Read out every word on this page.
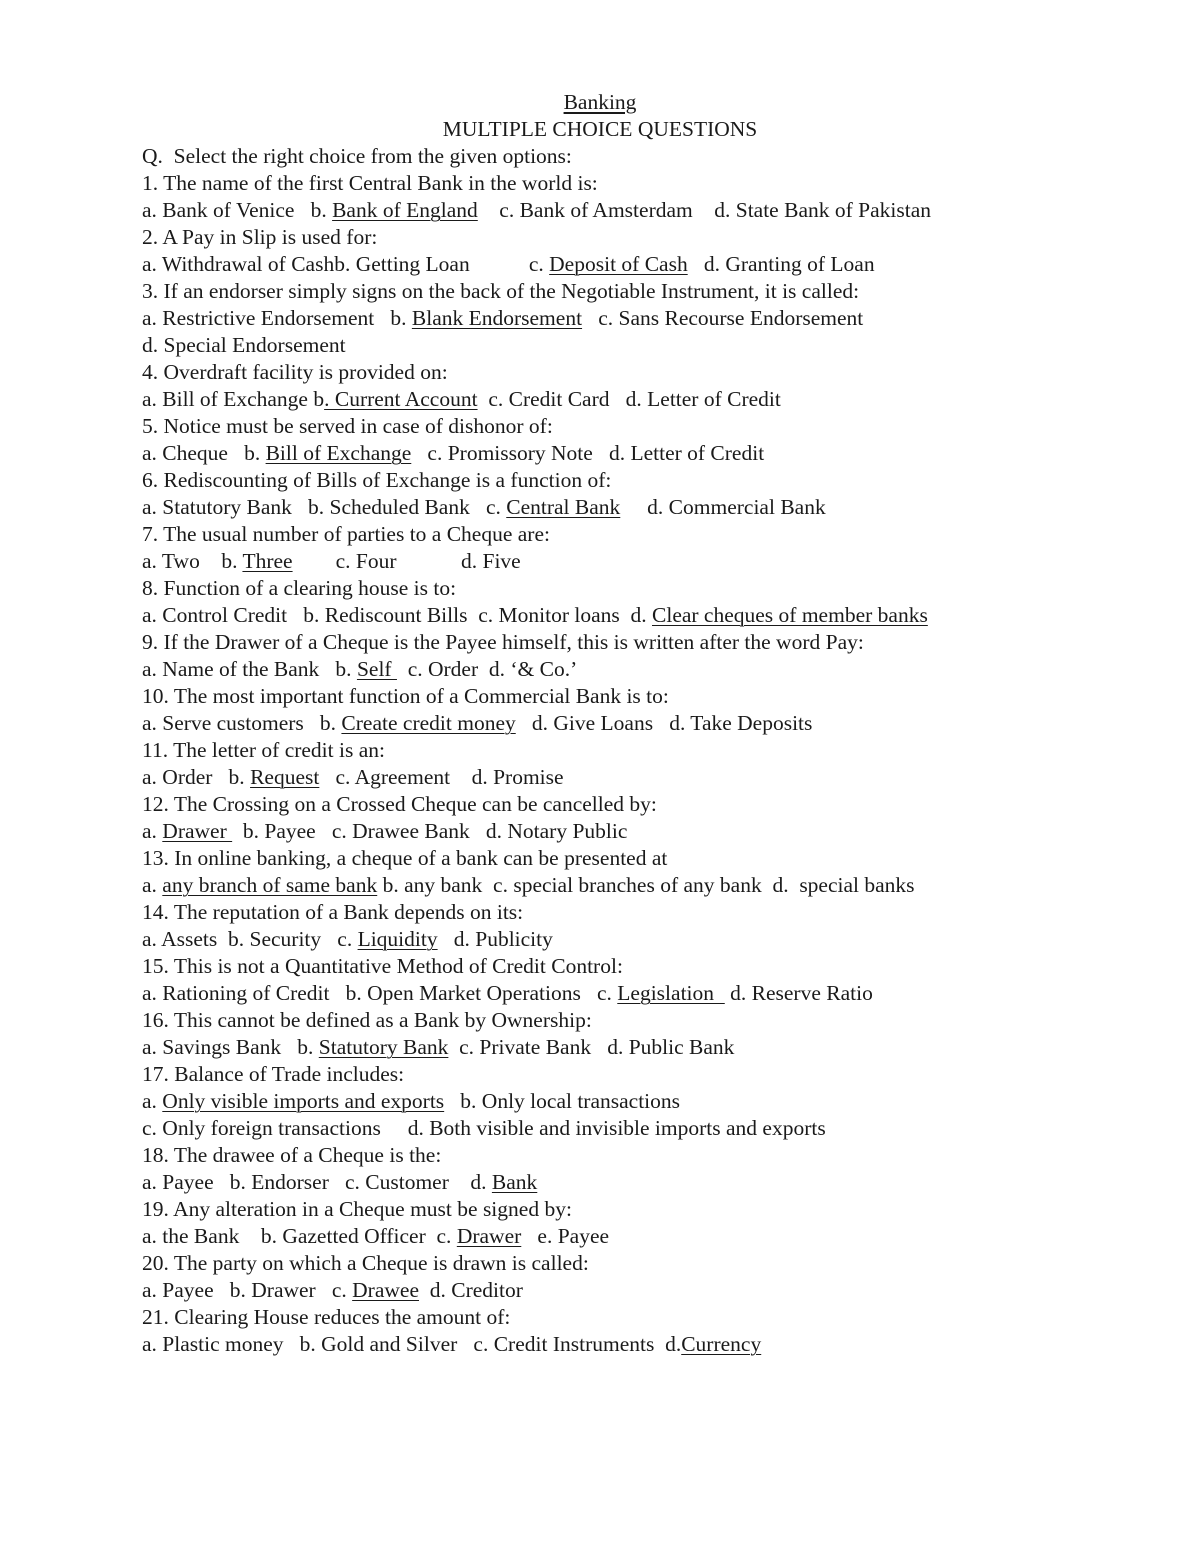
Banking
MULTIPLE CHOICE QUESTIONS
Q.  Select the right choice from the given options:
1. The name of the first Central Bank in the world is:
a. Bank of Venice   b. Bank of England    c. Bank of Amsterdam    d. State Bank of Pakistan
2. A Pay in Slip is used for:
a. Withdrawal of Cashb. Getting Loan           c. Deposit of Cash   d. Granting of Loan
3. If an endorser simply signs on the back of the Negotiable Instrument, it is called:
a. Restrictive Endorsement   b. Blank Endorsement   c. Sans Recourse Endorsement
d. Special Endorsement
4. Overdraft facility is provided on:
a. Bill of Exchange b. Current Account  c. Credit Card   d. Letter of Credit
5. Notice must be served in case of dishonor of:
a. Cheque   b. Bill of Exchange   c. Promissory Note   d. Letter of Credit
6. Rediscounting of Bills of Exchange is a function of:
a. Statutory Bank   b. Scheduled Bank   c. Central Bank     d. Commercial Bank
7. The usual number of parties to a Cheque are:
a. Two    b. Three        c. Four            d. Five
8. Function of a clearing house is to:
a. Control Credit   b. Rediscount Bills  c. Monitor loans  d. Clear cheques of member banks
9. If the Drawer of a Cheque is the Payee himself, this is written after the word Pay:
a. Name of the Bank   b. Self   c. Order  d. ‘& Co.’
10. The most important function of a Commercial Bank is to:
a. Serve customers   b. Create credit money   d. Give Loans   d. Take Deposits
11. The letter of credit is an:
a. Order   b. Request   c. Agreement    d. Promise
12. The Crossing on a Crossed Cheque can be cancelled by:
a. Drawer   b. Payee   c. Drawee Bank   d. Notary Public
13. In online banking, a cheque of a bank can be presented at
a. any branch of same bank b. any bank  c. special branches of any bank  d.  special banks
14. The reputation of a Bank depends on its:
a. Assets  b. Security   c. Liquidity   d. Publicity
15. This is not a Quantitative Method of Credit Control:
a. Rationing of Credit   b. Open Market Operations   c. Legislation   d. Reserve Ratio
16. This cannot be defined as a Bank by Ownership:
a. Savings Bank   b. Statutory Bank  c. Private Bank   d. Public Bank
17. Balance of Trade includes:
a. Only visible imports and exports   b. Only local transactions
c. Only foreign transactions     d. Both visible and invisible imports and exports
18. The drawee of a Cheque is the:
a. Payee   b. Endorser   c. Customer    d. Bank
19. Any alteration in a Cheque must be signed by:
a. the Bank    b. Gazetted Officer  c. Drawer   e. Payee
20. The party on which a Cheque is drawn is called:
a. Payee   b. Drawer   c. Drawee  d. Creditor
21. Clearing House reduces the amount of:
a. Plastic money   b. Gold and Silver   c. Credit Instruments  d.Currency
